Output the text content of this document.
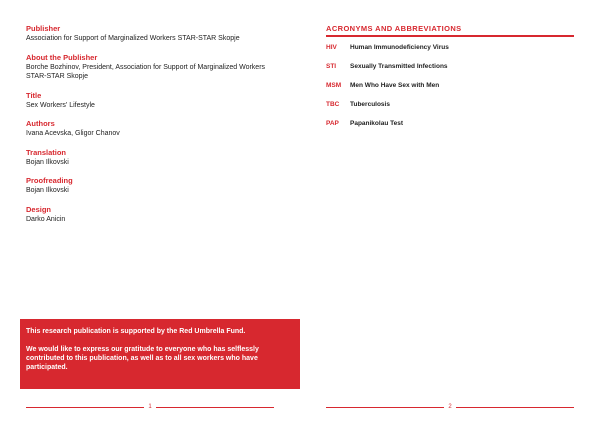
Publisher
Association for Support of Marginalized Workers STAR-STAR Skopje
About the Publisher
Borche Bozhinov, President, Association for Support of Marginalized Workers STAR-STAR Skopje
Title
Sex Workers' Lifestyle
Authors
Ivana Acevska, Gligor Chanov
Translation
Bojan Ilkovski
Proofreading
Bojan Ilkovski
Design
Darko Anicin

This research publication is supported by the Red Umbrella Fund.

We would like to express our gratitude to everyone who has selflessly contributed to this publication, as well as to all sex workers who have participated.

1
ACRONYMS AND ABBREVIATIONS
HIV	Human Immunodeficiency Virus
STI	Sexually Transmitted Infections
MSM	Men Who Have Sex with Men
TBC	Tuberculosis
PAP	Papanikolau Test
2
